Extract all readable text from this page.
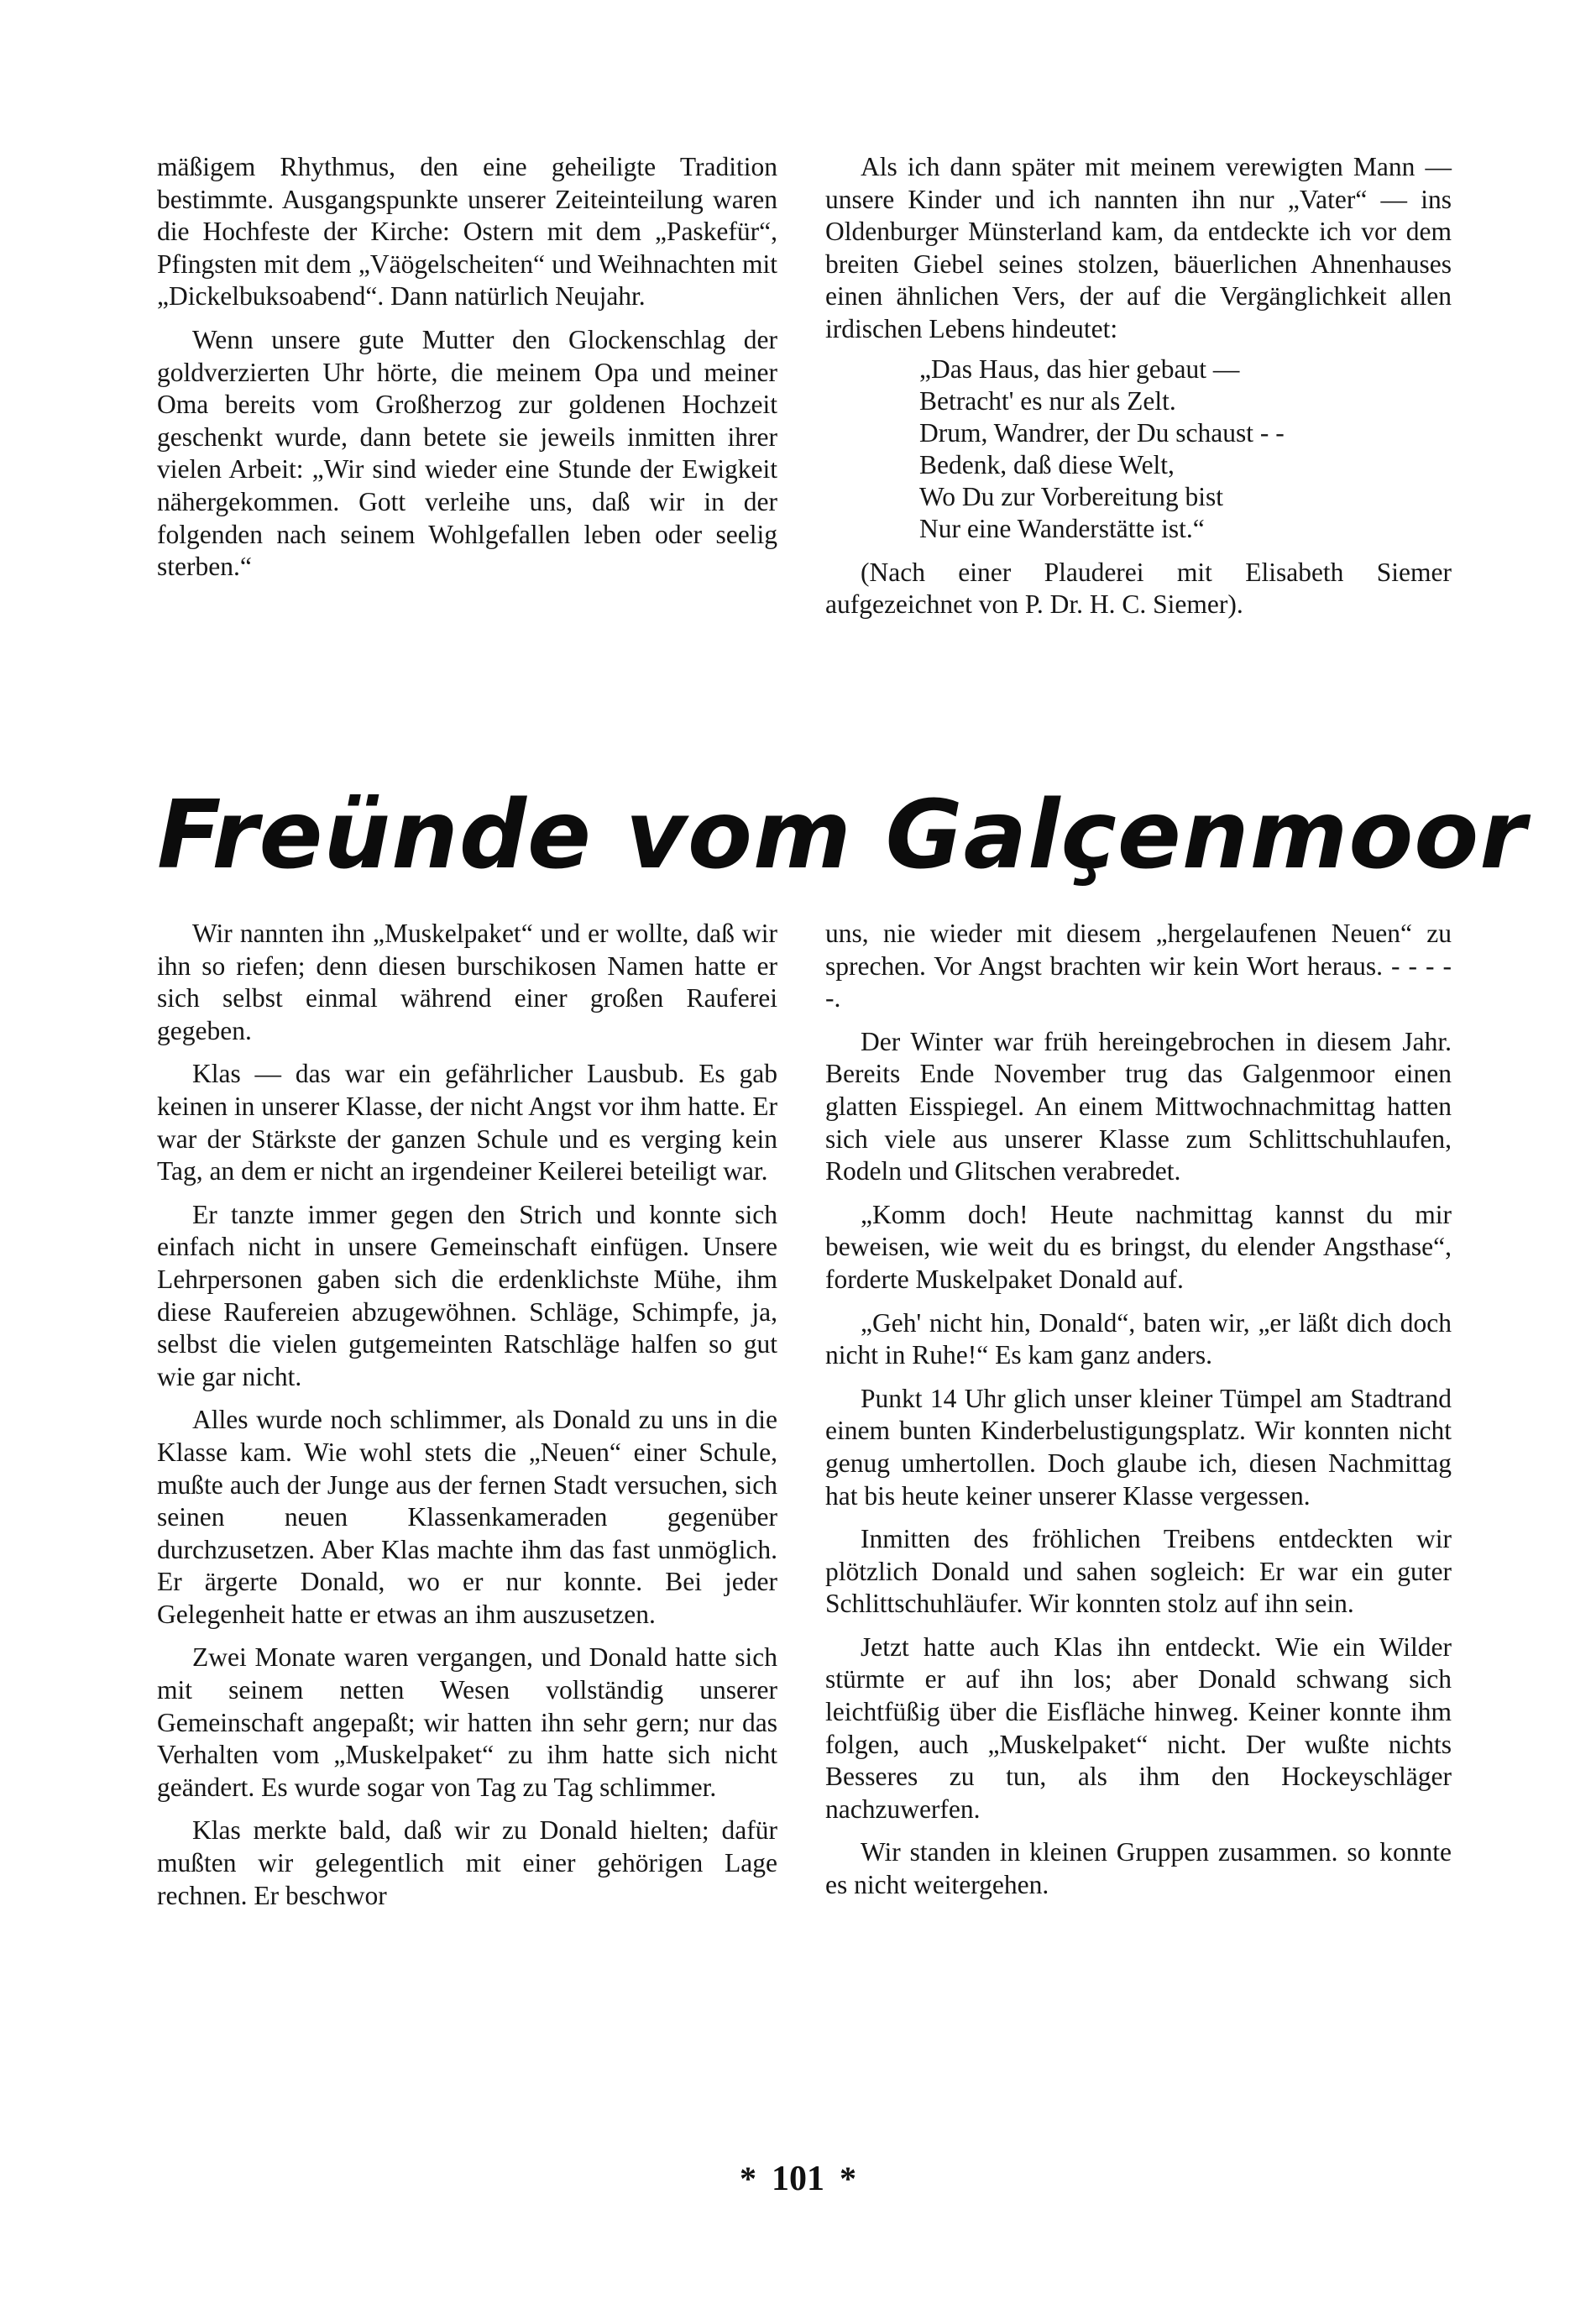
mäßigem Rhythmus, den eine geheiligte Tradition bestimmte. Ausgangspunkte unserer Zeiteinteilung waren die Hochfeste der Kirche: Ostern mit dem „Paskefür“, Pfingsten mit dem „Väögelscheiten“ und Weihnachten mit „Dickelbuksoabend“. Dann natürlich Neujahr.

Wenn unsere gute Mutter den Glockenschlag der goldverzierten Uhr hörte, die meinem Opa und meiner Oma bereits vom Großherzog zur goldenen Hochzeit geschenkt wurde, dann betete sie jeweils inmitten ihrer vielen Arbeit: „Wir sind wieder eine Stunde der Ewigkeit nähergekommen. Gott verleihe uns, daß wir in der folgenden nach seinem Wohlgefallen leben oder seelig sterben.“

Als ich dann später mit meinem verewigten Mann — unsere Kinder und ich nannten ihn nur „Vater“ — ins Oldenburger Münsterland kam, da entdeckte ich vor dem breiten Giebel seines stolzen, bäuerlichen Ahnenhauses einen ähnlichen Vers, der auf die Vergänglichkeit allen irdischen Lebens hindeutet:

„Das Haus, das hier gebaut —
Betracht' es nur als Zelt.
Drum, Wandrer, der Du schaust - -
Bedenk, daß diese Welt,
Wo Du zur Vorbereitung bist
Nur eine Wanderstätte ist.“

(Nach einer Plauderei mit Elisabeth Siemer aufgezeichnet von P. Dr. H. C. Siemer).

Freünde vom Galçenmoor

Wir nannten ihn „Muskelpaket“ und er wollte, daß wir ihn so riefen; denn diesen burschikosen Namen hatte er sich selbst einmal während einer großen Rauferei gegeben.

Klas — das war ein gefährlicher Lausbub. Es gab keinen in unserer Klasse, der nicht Angst vor ihm hatte. Er war der Stärkste der ganzen Schule und es verging kein Tag, an dem er nicht an irgendeiner Keilerei beteiligt war.

Er tanzte immer gegen den Strich und konnte sich einfach nicht in unsere Gemeinschaft einfügen. Unsere Lehrpersonen gaben sich die erdenklichste Mühe, ihm diese Raufereien abzugewöhnen. Schläge, Schimpfe, ja, selbst die vielen gutgemeinten Ratschläge halfen so gut wie gar nicht.

Alles wurde noch schlimmer, als Donald zu uns in die Klasse kam. Wie wohl stets die „Neuen“ einer Schule, mußte auch der Junge aus der fernen Stadt versuchen, sich seinen neuen Klassenkameraden gegenüber durchzusetzen. Aber Klas machte ihm das fast unmöglich. Er ärgerte Donald, wo er nur konnte. Bei jeder Gelegenheit hatte er etwas an ihm auszusetzen.

Zwei Monate waren vergangen, und Donald hatte sich mit seinem netten Wesen vollständig unserer Gemeinschaft angepaßt; wir hatten ihn sehr gern; nur das Verhalten vom „Muskelpaket“ zu ihm hatte sich nicht geändert. Es wurde sogar von Tag zu Tag schlimmer.

Klas merkte bald, daß wir zu Donald hielten; dafür mußten wir gelegentlich mit einer gehörigen Lage rechnen. Er beschwor

uns, nie wieder mit diesem „hergelaufenen Neuen“ zu sprechen. Vor Angst brachten wir kein Wort heraus. - - - - -.

Der Winter war früh hereingebrochen in diesem Jahr. Bereits Ende November trug das Galgenmoor einen glatten Eisspiegel. An einem Mittwochnachmittag hatten sich viele aus unserer Klasse zum Schlittschuhlaufen, Rodeln und Glitschen verabredet.

„Komm doch! Heute nachmittag kannst du mir beweisen, wie weit du es bringst, du elender Angsthase“, forderte Muskelpaket Donald auf.

„Geh' nicht hin, Donald“, baten wir, „er läßt dich doch nicht in Ruhe!“ Es kam ganz anders.

Punkt 14 Uhr glich unser kleiner Tümpel am Stadtrand einem bunten Kinderbelustigungsplatz. Wir konnten nicht genug umhertollen. Doch glaube ich, diesen Nachmittag hat bis heute keiner unserer Klasse vergessen.

Inmitten des fröhlichen Treibens entdeckten wir plötzlich Donald und sahen sogleich: Er war ein guter Schlittschuhläufer. Wir konnten stolz auf ihn sein.

Jetzt hatte auch Klas ihn entdeckt. Wie ein Wilder stürmte er auf ihn los; aber Donald schwang sich leichtfüßig über die Eisfläche hinweg. Keiner konnte ihm folgen, auch „Muskelpaket“ nicht. Der wußte nichts Besseres zu tun, als ihm den Hockeyschläger nachzuwerfen.

Wir standen in kleinen Gruppen zusammen. so konnte es nicht weitergehen.

* 101 *
